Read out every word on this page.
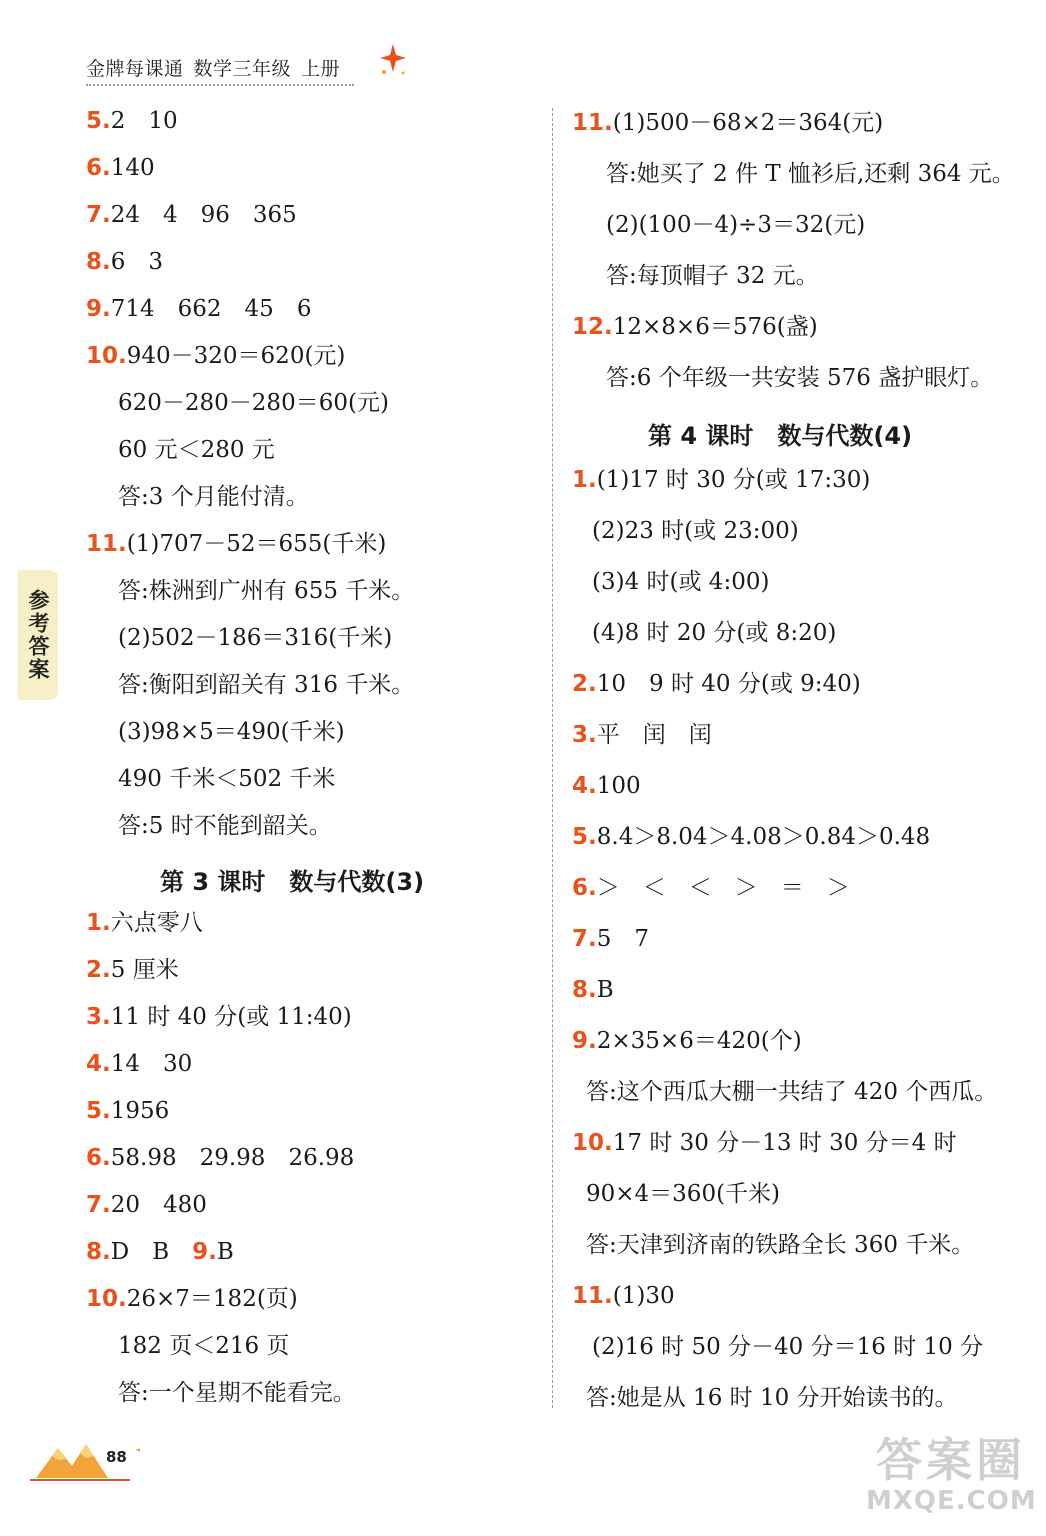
金牌每课通 数学三年级 上册
参考答案
5.2　10
6.140
7.24　4　96　365
8.6　3
9.714　662　45　6
10.940－320＝620(元)
620－280－280＝60(元)
60 元＜280 元
答:3 个月能付清。
11.(1)707－52＝655(千米)
答:株洲到广州有 655 千米。
(2)502－186＝316(千米)
答:衡阳到韶关有 316 千米。
(3)98×5＝490(千米)
490 千米＜502 千米
答:5 时不能到韶关。
第 3 课时　数与代数(3)
1.六点零八
2.5 厘米
3.11 时 40 分(或 11:40)
4.14　30
5.1956
6.58.98　29.98　26.98
7.20　480
8.D　B　 9.B
10.26×7＝182(页)
182 页＜216 页
答:一个星期不能看完。
11.(1)500－68×2＝364(元)
答:她买了 2 件 T 恤衫后,还剩 364 元。
(2)(100－4)÷3＝32(元)
答:每顶帽子 32 元。
12.12×8×6＝576(盏)
答:6 个年级一共安装 576 盏护眼灯。
第 4 课时　数与代数(4)
1.(1)17 时 30 分(或 17:30)
(2)23 时(或 23:00)
(3)4 时(或 4:00)
(4)8 时 20 分(或 8:20)
2.10　9 时 40 分(或 9:40)
3.平　闰　闰
4.100
5.8.4＞8.04＞4.08＞0.84＞0.48
6.＞　＜　＜　＞　＝　＞
7.5　7
8.B
9.2×35×6＝420(个)
答:这个西瓜大棚一共结了 420 个西瓜。
10.17 时 30 分－13 时 30 分＝4 时
90×4＝360(千米)
答:天津到济南的铁路全长 360 千米。
11.(1)30
(2)16 时 50 分－40 分＝16 时 10 分
答:她是从 16 时 10 分开始读书的。
88	答案圈
MXQE.COM
